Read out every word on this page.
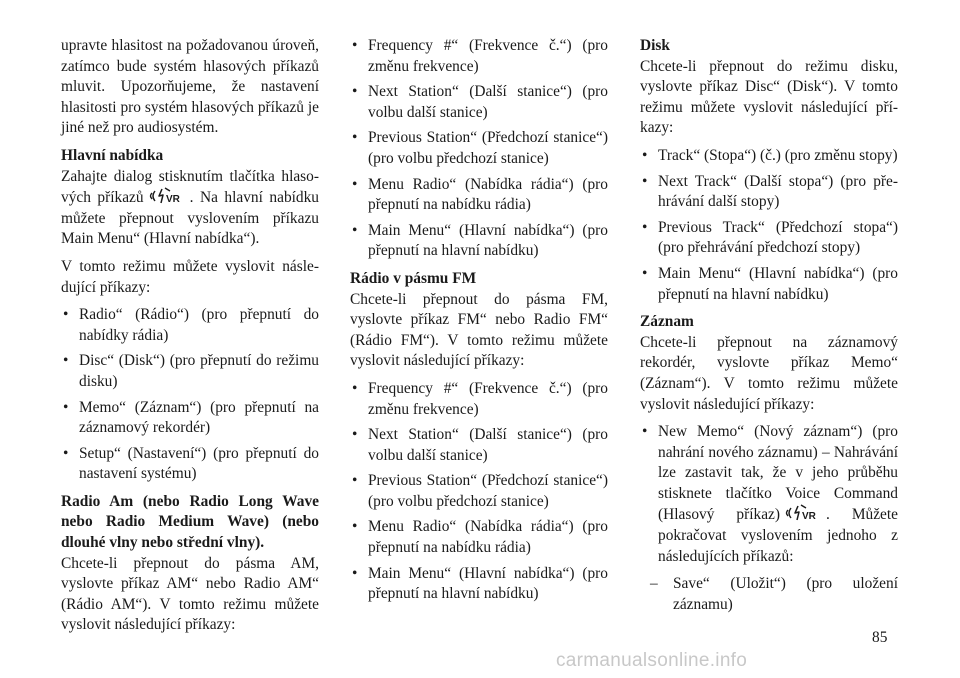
upravte hlasitost na požadovanou úroveň, zatímco bude systém hlasových příkazů mluvit. Upozorňujeme, že nastavení hlasitosti pro systém hlasových příkazů je jiné než pro audiosystém.

Hlavní nabídka

Zahajte dialog stisknutím tlačítka hlasových příkazů	. Na hlavní nabídku můžete přepnout vyslovením příkazu Main Menu“ (Hlavní nabídka“).

V tomto režimu můžete vyslovit následující příkazy:

• Radio“ (Rádio“) (pro přepnutí do nabídky rádia)
• Disc“ (Disk“) (pro přepnutí do režimu disku)
• Memo“ (Záznam“) (pro přepnutí na záznamový rekordér)
• Setup“ (Nastavení“) (pro přepnutí do nastavení systému)

Radio Am (nebo Radio Long Wave nebo Radio Medium Wave) (nebo dlouhé vlny nebo střední vlny).

Chcete-li přepnout do pásma AM, vyslovte příkaz AM“ nebo Radio AM“ (Rádio AM“). V tomto režimu můžete vyslovit následující příkazy:

• Frequency #“ (Frekvence č.“) (pro změnu frekvence)
• Next Station“ (Další stanice“) (pro volbu další stanice)
• Previous Station“ (Předchozí stanice“) (pro volbu předchozí stanice)
• Menu Radio“ (Nabídka rádia“) (pro přepnutí na nabídku rádia)
• Main Menu“ (Hlavní nabídka“) (pro přepnutí na hlavní nabídku)

Rádio v pásmu FM

Chcete-li přepnout do pásma FM, vyslovte příkaz FM“ nebo Radio FM“ (Rádio FM“). V tomto režimu můžete vyslovit následující příkazy:

• Frequency #“ (Frekvence č.“) (pro změnu frekvence)
• Next Station“ (Další stanice“) (pro volbu další stanice)
• Previous Station“ (Předchozí stanice“) (pro volbu předchozí stanice)
• Menu Radio“ (Nabídka rádia“) (pro přepnutí na nabídku rádia)
• Main Menu“ (Hlavní nabídka“) (pro přepnutí na hlavní nabídku)

Disk

Chcete-li přepnout do režimu disku, vyslovte příkaz Disc“ (Disk“). V tomto režimu můžete vyslovit následující příkazy:

• Track“ (Stopa“) (č.) (pro změnu stopy)
• Next Track“ (Další stopa“) (pro přehrávání další stopy)
• Previous Track“ (Předchozí stopa“) (pro přehrávání předchozí stopy)
• Main Menu“ (Hlavní nabídka“) (pro přepnutí na hlavní nabídku)

Záznam

Chcete-li přepnout na záznamový rekordér, vyslovte příkaz Memo“ (Záznam“). V tomto režimu můžete vyslovit následující příkazy:

• New Memo“ (Nový záznam“) (pro nahrání nového záznamu) – Nahrávání lze zastavit tak, že v jeho průběhu stisknete tlačítko Voice Command (Hlasový příkaz)	. Můžete pokračovat vyslovením jednoho z následujících příkazů:
– Save“ (Uložit“) (pro uložení záznamu)
85
carmanualsonline.info
